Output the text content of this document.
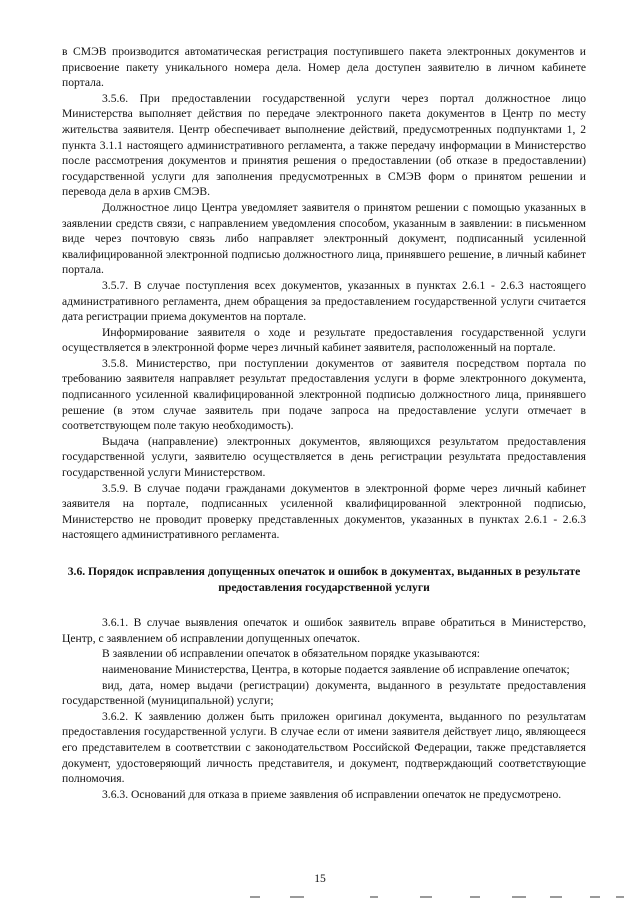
в СМЭВ производится автоматическая регистрация поступившего пакета электронных документов и присвоение пакету уникального номера дела. Номер дела доступен заявителю в личном кабинете портала.

3.5.6. При предоставлении государственной услуги через портал должностное лицо Министерства выполняет действия по передаче электронного пакета документов в Центр по месту жительства заявителя. Центр обеспечивает выполнение действий, предусмотренных подпунктами 1, 2 пункта 3.1.1 настоящего административного регламента, а также передачу информации в Министерство после рассмотрения документов и принятия решения о предоставлении (об отказе в предоставлении) государственной услуги для заполнения предусмотренных в СМЭВ форм о принятом решении и перевода дела в архив СМЭВ.

Должностное лицо Центра уведомляет заявителя о принятом решении с помощью указанных в заявлении средств связи, с направлением уведомления способом, указанным в заявлении: в письменном виде через почтовую связь либо направляет электронный документ, подписанный усиленной квалифицированной электронной подписью должностного лица, принявшего решение, в личный кабинет портала.

3.5.7. В случае поступления всех документов, указанных в пунктах 2.6.1 - 2.6.3 настоящего административного регламента, днем обращения за предоставлением государственной услуги считается дата регистрации приема документов на портале.

Информирование заявителя о ходе и результате предоставления государственной услуги осуществляется в электронной форме через личный кабинет заявителя, расположенный на портале.

3.5.8. Министерство, при поступлении документов от заявителя посредством портала по требованию заявителя направляет результат предоставления услуги в форме электронного документа, подписанного усиленной квалифицированной электронной подписью должностного лица, принявшего решение (в этом случае заявитель при подаче запроса на предоставление услуги отмечает в соответствующем поле такую необходимость).

Выдача (направление) электронных документов, являющихся результатом предоставления государственной услуги, заявителю осуществляется в день регистрации результата предоставления государственной услуги Министерством.

3.5.9. В случае подачи гражданами документов в электронной форме через личный кабинет заявителя на портале, подписанных усиленной квалифицированной электронной подписью, Министерство не проводит проверку представленных документов, указанных в пунктах 2.6.1 - 2.6.3 настоящего административного регламента.

3.6. Порядок исправления допущенных опечаток и ошибок в документах, выданных в результате предоставления государственной услуги

3.6.1. В случае выявления опечаток и ошибок заявитель вправе обратиться в Министерство, Центр, с заявлением об исправлении допущенных опечаток.

В заявлении об исправлении опечаток в обязательном порядке указываются:

наименование Министерства, Центра, в которые подается заявление об исправление опечаток;

вид, дата, номер выдачи (регистрации) документа, выданного в результате предоставления государственной (муниципальной) услуги;

3.6.2. К заявлению должен быть приложен оригинал документа, выданного по результатам предоставления государственной услуги. В случае если от имени заявителя действует лицо, являющееся его представителем в соответствии с законодательством Российской Федерации, также представляется документ, удостоверяющий личность представителя, и документ, подтверждающий соответствующие полномочия.

3.6.3. Оснований для отказа в приеме заявления об исправлении опечаток не предусмотрено.

15
